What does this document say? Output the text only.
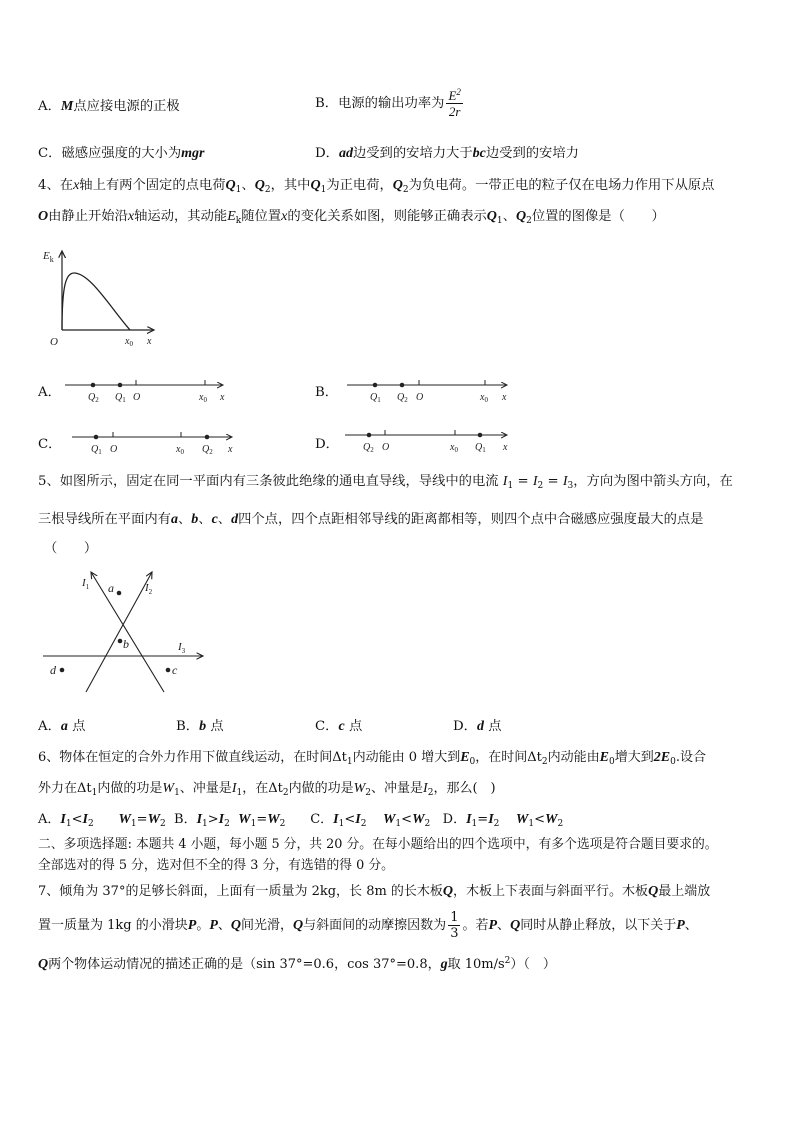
A．M点应接电源的正极	B．电源的输出功率为 $\frac{E^2}{2r}$
C．磁感应强度的大小为mgr	D．ad边受到的安培力大于bc边受到的安培力
4、在x轴上有两个固定的点电荷$Q_1$、$Q_2$，其中$Q_1$为正电荷，$Q_2$为负电荷。一带正电的粒子仅在电场力作用下从原点
O由静止开始沿x轴运动，其动能$E_k$随位置x的变化关系如图，则能够正确表示$Q_1$、$Q_2$位置的图像是（　　）
$E_k$
O	$x_0$ x
A．	$Q_2$ $Q_1$ O	$x_0$ x	B．	$Q_1$ $Q_2$ O	$x_0$ x
C．	$Q_1$ O	$x_0$ $Q_2$ x	D． $Q_2$ O	$x_0$ $Q_1$ x
5、如图所示，固定在同一平面内有三条彼此绝缘的通电直导线，导线中的电流 $I_1 = I_2 = I_3$，方向为图中箭头方向，在
三根导线所在平面内有a、b、c、d四个点，四个点距相邻导线的距离都相等，则四个点中合磁感应强度最大的点是
（　　）
$I_1$	$I_2$
$I_3$
a
b
c
d
A．a 点	B．b 点	C．c 点	D．d 点
6、物体在恒定的合外力作用下做直线运动，在时间$\Delta t_1$内动能由 0 增大到$E_0$，在时间$\Delta t_2$内动能由$E_0$增大到$2E_0$.设合
外力在$\Delta t_1$内做的功是$W_1$、冲量是$I_1$，在$\Delta t_2$内做的功是$W_2$、冲量是$I_2$，那么(　)
A．$I_1<I_2$ $W_1=W_2$ B．$I_1>I_2$ $W_1=W_2$ C．$I_1<I_2$ $W_1<W_2$ D．$I_1=I_2$ $W_1<W_2$
二、多项选择题: 本题共 4 小题，每小题 5 分，共 20 分。在每小题给出的四个选项中，有多个选项是符合题目要求的。
全部选对的得 5 分，选对但不全的得 3 分，有选错的得 0 分。
7、倾角为 37°的足够长斜面，上面有一质量为 2kg，长 8m 的长木板Q，木板上下表面与斜面平行。木板Q最上端放
置一质量为 1kg 的小滑块P。P、Q间光滑，Q与斜面间的动摩擦因数为 $\frac{1}{3}$ 。若P、Q同时从静止释放，以下关于P、
Q两个物体运动情况的描述正确的是（sin 37°=0.6，cos 37°=0.8，g取 $10m/s^2$）（　）
